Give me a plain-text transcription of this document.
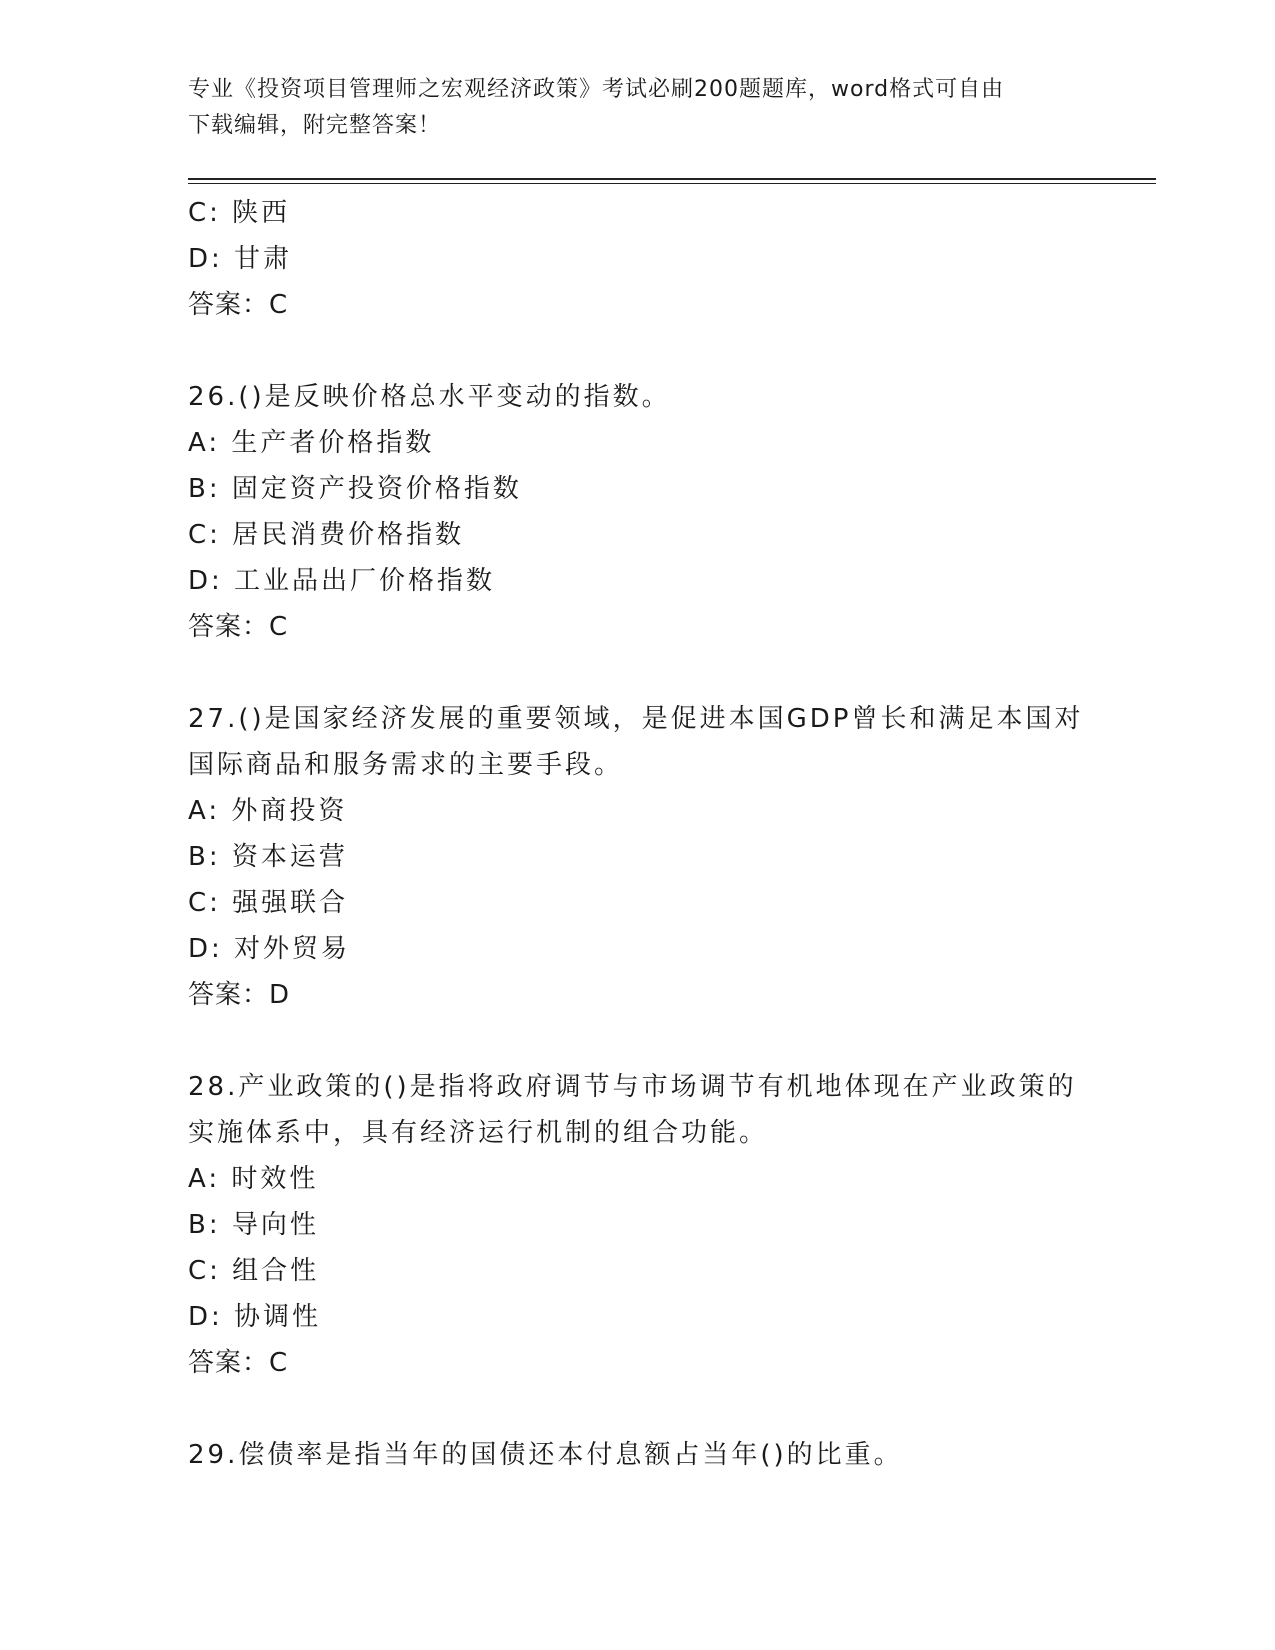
专业《投资项目管理师之宏观经济政策》考试必刷200题题库，word格式可自由
下载编辑，附完整答案！
C: 陕西
D: 甘肃
答案：C
26.()是反映价格总水平变动的指数。
A: 生产者价格指数
B: 固定资产投资价格指数
C: 居民消费价格指数
D: 工业品出厂价格指数
答案：C
27.()是国家经济发展的重要领域，是促进本国GDP曾长和满足本国对
国际商品和服务需求的主要手段。
A: 外商投资
B: 资本运营
C: 强强联合
D: 对外贸易
答案：D
28.产业政策的()是指将政府调节与市场调节有机地体现在产业政策的
实施体系中，具有经济运行机制的组合功能。
A: 时效性
B: 导向性
C: 组合性
D: 协调性
答案：C
29.偿债率是指当年的国债还本付息额占当年()的比重。
